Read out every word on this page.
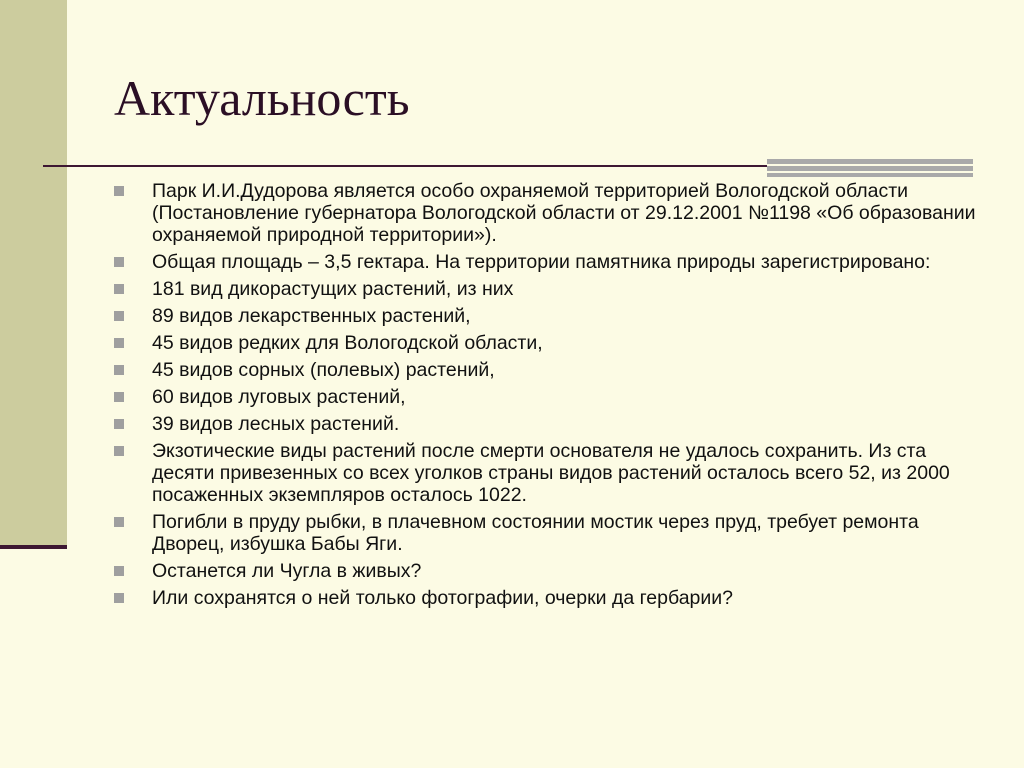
Актуальность
Парк И.И.Дудорова является особо охраняемой территорией Вологодской области (Постановление губернатора Вологодской области от 29.12.2001 №1198 «Об образовании охраняемой природной территории»).
Общая площадь – 3,5 гектара. На территории памятника природы зарегистрировано:
181 вид дикорастущих растений, из них
89 видов лекарственных растений,
45 видов редких для Вологодской области,
45 видов сорных (полевых) растений,
60 видов луговых растений,
39 видов лесных растений.
Экзотические виды растений после смерти основателя не удалось сохранить. Из ста десяти привезенных со всех уголков страны видов растений осталось всего 52, из 2000 посаженных экземпляров осталось 1022.
Погибли в пруду рыбки, в плачевном состоянии мостик через пруд, требует ремонта Дворец, избушка Бабы Яги.
Останется ли Чугла в живых?
Или сохранятся о ней только фотографии, очерки да гербарии?
